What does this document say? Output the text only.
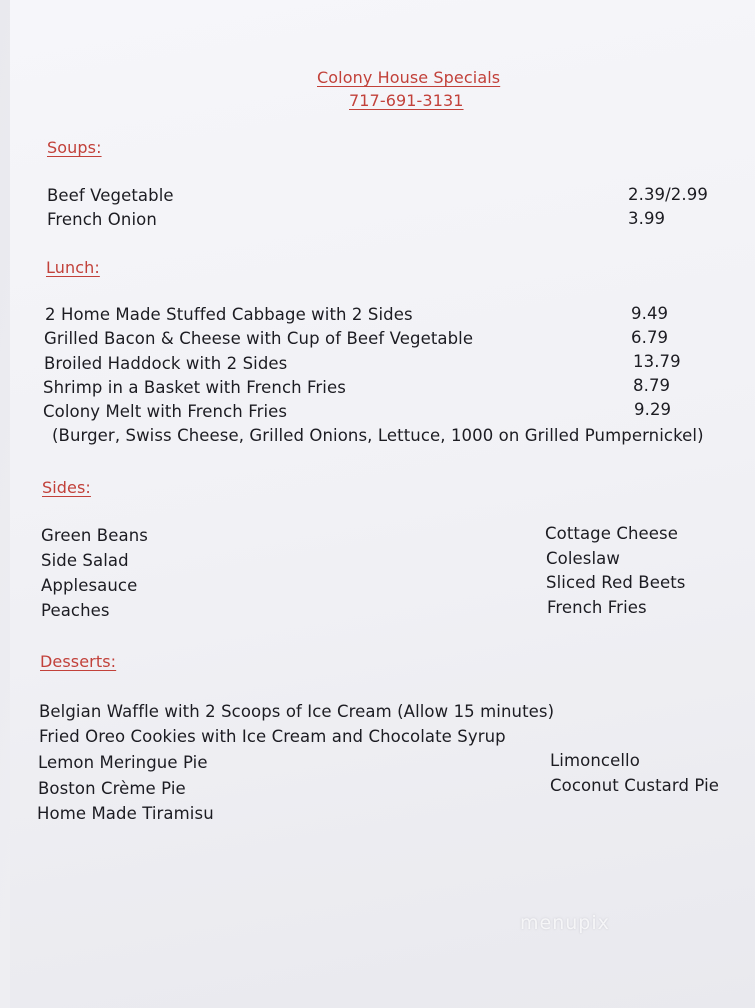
Colony House Specials
717-691-3131
Soups:
Beef Vegetable	2.39/2.99
French Onion	3.99
Lunch:
2 Home Made Stuffed Cabbage with 2 Sides	9.49
Grilled Bacon & Cheese with Cup of Beef Vegetable	6.79
Broiled Haddock with 2 Sides	13.79
Shrimp in a Basket with French Fries	8.79
Colony Melt with French Fries	9.29
(Burger, Swiss Cheese, Grilled Onions, Lettuce, 1000 on Grilled Pumpernickel)
Sides:
Green Beans
Side Salad
Applesauce
Peaches
Cottage Cheese
Coleslaw
Sliced Red Beets
French Fries
Desserts:
Belgian Waffle with 2 Scoops of Ice Cream (Allow 15 minutes)
Fried Oreo Cookies with Ice Cream and Chocolate Syrup
Lemon Meringue Pie
Boston Crème Pie
Home Made Tiramisu
Limoncello
Coconut Custard Pie
menupix
